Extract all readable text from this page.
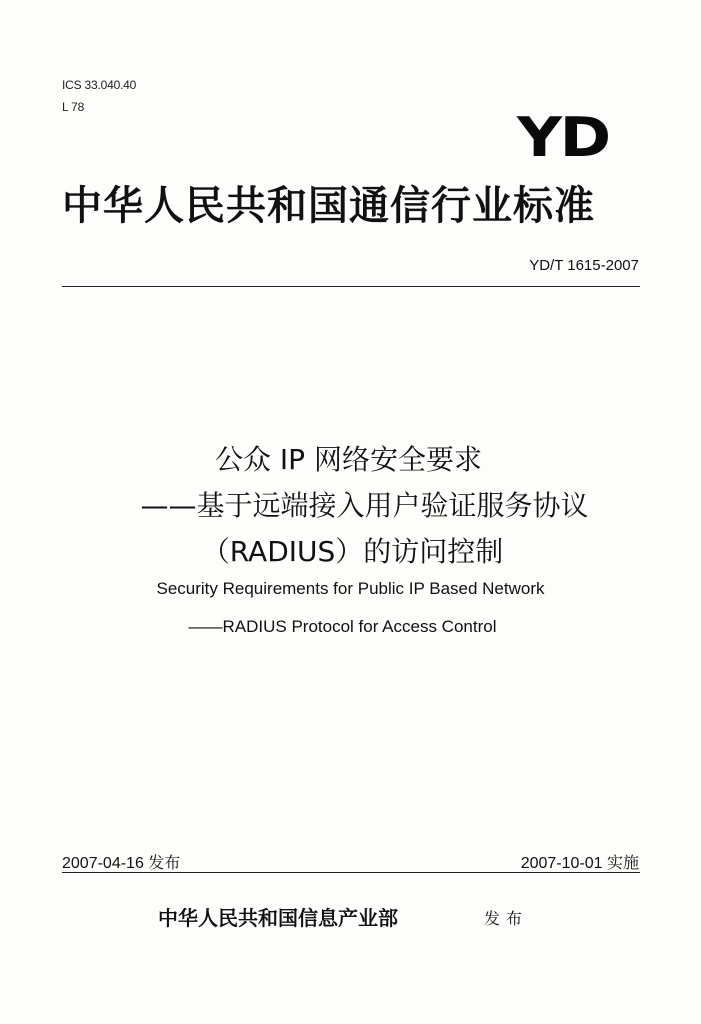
ICS 33.040.40
L 78	YD
中华人民共和国通信行业标准
YD/T 1615-2007
公众 IP 网络安全要求
——基于远端接入用户验证服务协议
（RADIUS）的访问控制
Security Requirements for Public IP Based Network
——RADIUS Protocol for Access Control
2007-04-16 发布	2007-10-01 实施
中华人民共和国信息产业部	发布
